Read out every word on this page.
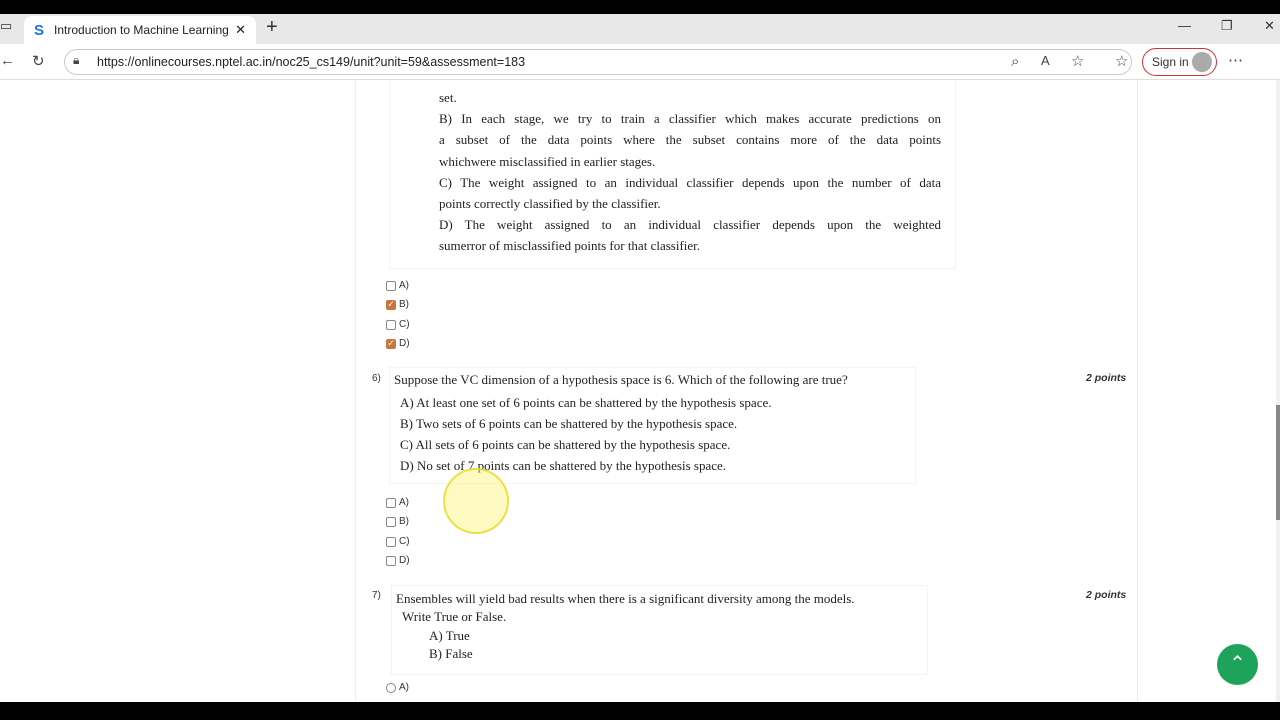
▭ S Introduction to Machine Learning ✕ +	— ❐ ✕
← ↻ 🔒︎ https://onlinecourses.nptel.ac.in/noc25_cs149/unit?unit=59&assessment=183	⌕ A ☆ ☆	Sign in	⋯
set.
B) In each stage, we try to train a classifier which makes accurate predictions on
a subset of the data points where the subset contains more of the data points
whichwere misclassified in earlier stages.
C) The weight assigned to an individual classifier depends upon the number of data
points correctly classified by the classifier.
D) The weight assigned to an individual classifier depends upon the weighted
sumerror of misclassified points for that classifier.
A)
✓ B)
C)
✓ D)
6)	2 points
Suppose the VC dimension of a hypothesis space is 6. Which of the following are true?
A) At least one set of 6 points can be shattered by the hypothesis space.
B) Two sets of 6 points can be shattered by the hypothesis space.
C) All sets of 6 points can be shattered by the hypothesis space.
D) No set of 7 points can be shattered by the hypothesis space.
A)
B)
C)
D)
7)	2 points
Ensembles will yield bad results when there is a significant diversity among the models.
Write True or False.
A) True
B) False
A)
⌃
